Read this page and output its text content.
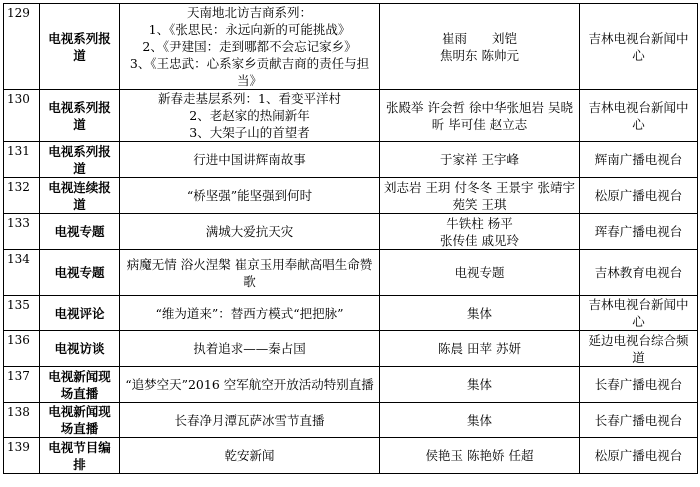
129	电视系列报道	天南地北访吉商系列：
1、《张思民：永远向新的可能挑战》
2、《尹建国：走到哪都不会忘记家乡》
3、《王忠武：心系家乡贡献吉商的责任与担当》	崔雨　　刘铠
焦明东 陈帅元	吉林电视台新闻中心
130	电视系列报道	新春走基层系列：1、看变平洋村
2、老赵家的热闹新年
3、大架子山的首望者	张殿举 许会哲 徐中华张旭岩 吴晓昕 毕可佳 赵立志	吉林电视台新闻中心
131	电视系列报道	行进中国讲辉南故事	于家祥 王宇峰	辉南广播电视台
132	电视连续报道	“桥坚强”能坚强到何时	刘志岩 王玥 付冬冬 王景宇 张靖宇 苑笑 王琪	松原广播电视台
133	电视专题	满城大爱抗天灾	牛铁柱 杨平
张传佳 戚见玲	珲春广播电视台
134	电视专题	病魔无情 浴火涅槃 崔京玉用奉献高唱生命赞歌	电视专题	吉林教育电视台
135	电视评论	“维为道来”：替西方模式“把把脉”	集体	吉林电视台新闻中心
136	电视访谈	执着追求——秦占国	陈晨 田苹 苏妍	延边电视台综合频道
137	电视新闻现场直播	“追梦空天”2016 空军航空开放活动特别直播	集体	长春广播电视台
138	电视新闻现场直播	长春净月潭瓦萨冰雪节直播	集体	长春广播电视台
139	电视节目编排	乾安新闻	侯艳玉 陈艳娇 任超	松原广播电视台
